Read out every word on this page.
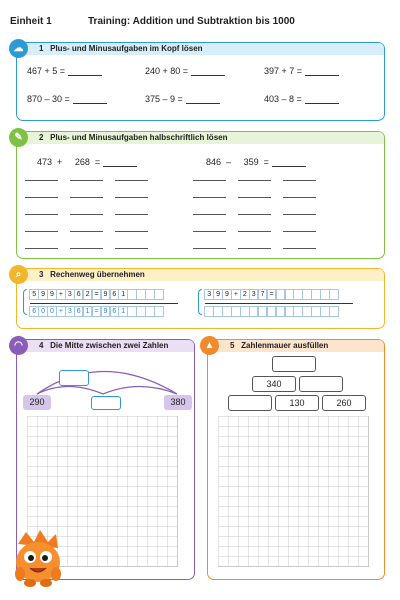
Einheit 1	Training: Addition und Subtraktion bis 1000
☁	1 Plus- und Minusaufgaben im Kopf lösen
467 + 5 =	240 + 80 =	397 + 7 =
870 – 30 =	375 – 9 =	403 – 8 =
✎	2 Plus- und Minusaufgaben halbschriftlich lösen
473 + 268 =	846 – 359 =
⌕	3 Rechenweg übernehmen
5 9 9 + 3 6 2 = 9 6 1
6 0 0 + 3 6 1 = 9 6 1
3 9 9 + 2 3 7 =
◠	4 Die Mitte zwischen zwei Zahlen
290	380
▲	5 Zahlenmauer ausfüllen
340
130	260
